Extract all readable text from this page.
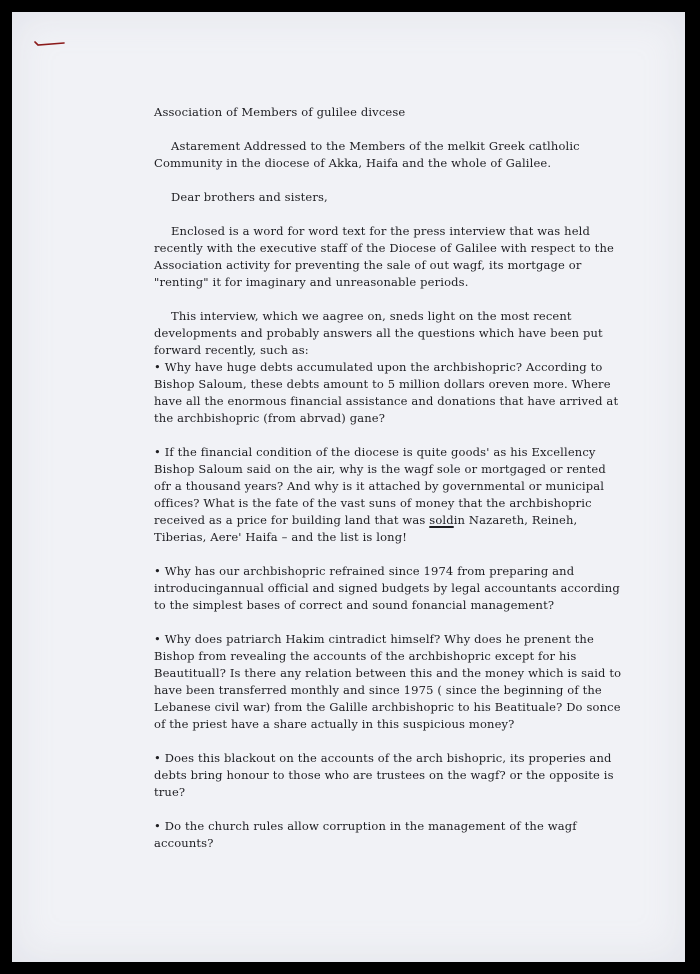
Association of Members of gulilee divcese

Astarement Addressed to the Members of the melkit Greek catlholic Community in the diocese of Akka, Haifa and the whole of Galilee.

Dear brothers and sisters,

Enclosed is a word for word text for the press interview that was held recently with the executive staff of the Diocese of Galilee with respect to the Association activity for preventing the sale of out wagf, its mortgage or "renting" it for imaginary and unreasonable periods.

This interview, which we aagree on, sneds light on the most recent developments and probably answers all the questions which have been put forward recently, such as:

• Why have huge debts accumulated upon the archbishopric? According to Bishop Saloum, these debts amount to 5 million dollars oreven more. Where have all the enormous financial assistance and donations that have arrived at the archbishopric (from abrvad) gane?

• If the financial condition of the diocese is quite goods' as his Excellency Bishop Saloum said on the air, why is the wagf sole or mortgaged or rented ofr a thousand years? And why is it attached by governmental or municipal offices? What is the fate of the vast suns of money that the archbishopric received as a price for building land that was soldin Nazareth, Reineh, Tiberias, Aere' Haifa – and the list is long!

• Why has our archbishopric refrained since 1974 from preparing and introducingannual official and signed budgets by legal accountants according to the simplest bases of correct and sound fonancial management?

• Why does patriarch Hakim cintradict himself? Why does he prenent the Bishop from revealing the accounts of the archbishopric except for his Beautituall? Is there any relation between this and the money which is said to have been transferred monthly and since 1975 ( since the beginning of the Lebanese civil war) from the Galille archbishopric to his Beatituale? Do sonce of the priest have a share actually in this suspicious money?

• Does this blackout on the accounts of the arch bishopric, its properies and debts bring honour to those who are trustees on the wagf? or the opposite is true?

• Do the church rules allow corruption in the management of the wagf accounts?
